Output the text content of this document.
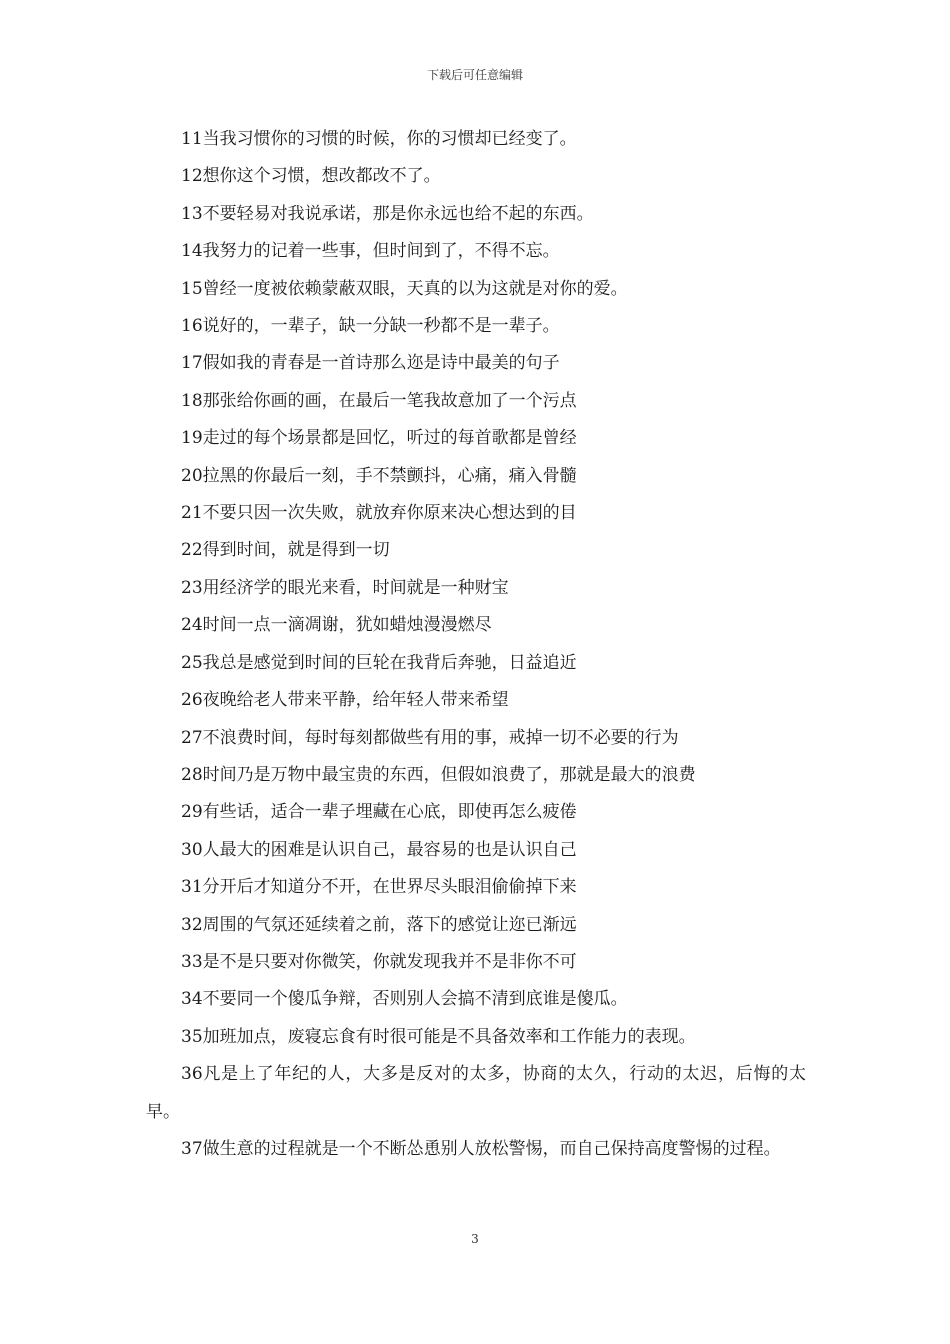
下载后可任意编辑

11当我习惯你的习惯的时候，你的习惯却已经变了。

12想你这个习惯，想改都改不了。

13不要轻易对我说承诺，那是你永远也给不起的东西。

14我努力的记着一些事，但时间到了，不得不忘。

15曾经一度被依赖蒙蔽双眼，天真的以为这就是对你的爱。

16说好的，一辈子，缺一分缺一秒都不是一辈子。

17假如我的青春是一首诗那么迩是诗中最美的句子

18那张给你画的画，在最后一笔我故意加了一个污点

19走过的每个场景都是回忆，听过的每首歌都是曾经

20拉黑的你最后一刻，手不禁颤抖，心痛，痛入骨髓

21不要只因一次失败，就放弃你原来决心想达到的目

22得到时间，就是得到一切

23用经济学的眼光来看，时间就是一种财宝

24时间一点一滴凋谢，犹如蜡烛漫漫燃尽

25我总是感觉到时间的巨轮在我背后奔驰，日益追近

26夜晚给老人带来平静，给年轻人带来希望

27不浪费时间，每时每刻都做些有用的事，戒掉一切不必要的行为

28时间乃是万物中最宝贵的东西，但假如浪费了，那就是最大的浪费

29有些话，适合一辈子埋藏在心底，即使再怎么疲倦

30人最大的困难是认识自己，最容易的也是认识自己

31分开后才知道分不开，在世界尽头眼泪偷偷掉下来

32周围的气氛还延续着之前，落下的感觉让迩已渐远

33是不是只要对你微笑，你就发现我并不是非你不可

34不要同一个傻瓜争辩，否则别人会搞不清到底谁是傻瓜。

35加班加点，废寝忘食有时很可能是不具备效率和工作能力的表现。

36凡是上了年纪的人，大多是反对的太多，协商的太久，行动的太迟，后悔的太早。

37做生意的过程就是一个不断怂恿别人放松警惕，而自己保持高度警惕的过程。

3
